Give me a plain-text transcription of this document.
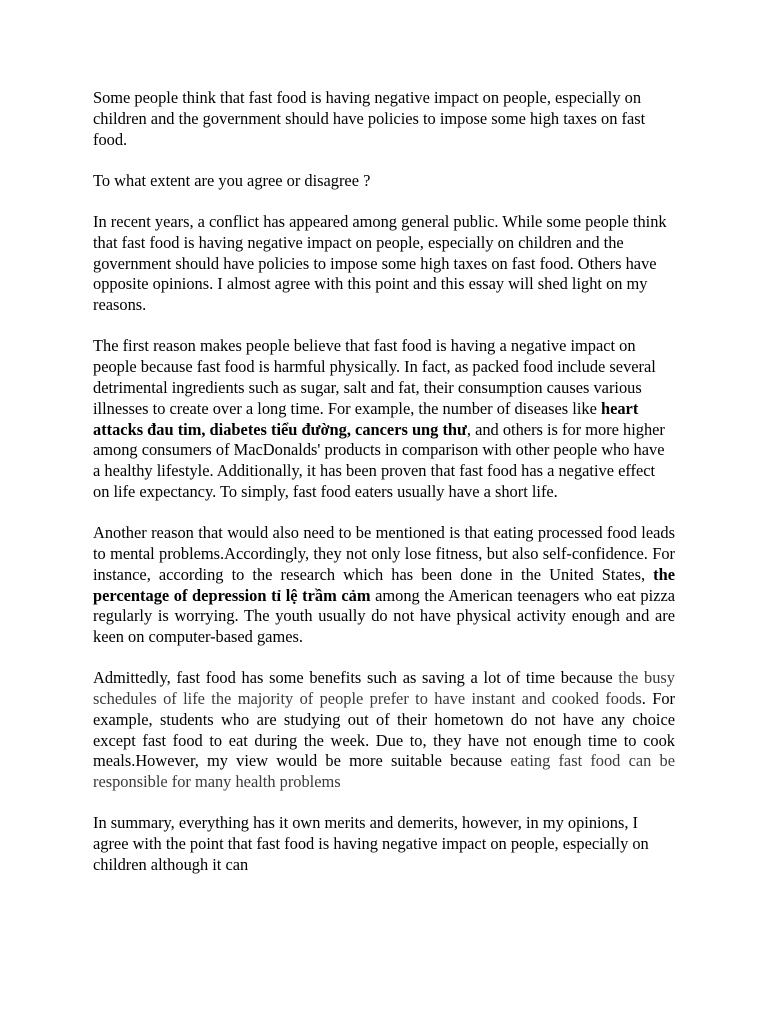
Some people think that fast food is having negative impact on people, especially on children and the government should have policies to impose some high taxes on fast food.

To what extent are you agree or disagree ?

In recent years, a conflict has appeared among general public. While some people think that fast food is having negative impact on people, especially on children and the government should have policies to impose some high taxes on fast food. Others have opposite opinions. I almost agree with this point and this essay will shed light on my reasons.

The first reason makes people believe that fast food is having a negative impact on people because fast food is harmful physically. In fact, as packed food include several detrimental ingredients such as sugar, salt and fat, their consumption causes various illnesses to create over a long time. For example, the number of diseases like heart attacks đau tim, diabetes tiểu đường, cancers ung thư, and others is for more higher among consumers of MacDonalds' products in comparison with other people who have a healthy lifestyle. Additionally, it has been proven that fast food has a negative effect on life expectancy. To simply, fast food eaters usually have a short life.

Another reason that would also need to be mentioned is that eating processed food leads to mental problems.Accordingly, they not only lose fitness, but also self-confidence. For instance, according to the research which has been done in the United States, the percentage of depression tỉ lệ trầm cảm among the American teenagers who eat pizza regularly is worrying. The youth usually do not have physical activity enough and are keen on computer-based games.

Admittedly, fast food has some benefits such as saving a lot of time because the busy schedules of life the majority of people prefer to have instant and cooked foods. For example, students who are studying out of their hometown do not have any choice except fast food to eat during the week. Due to, they have not enough time to cook meals.However, my view would be more suitable because eating fast food can be responsible for many health problems

In summary, everything has it own merits and demerits, however, in my opinions, I agree with the point that fast food is having negative impact on people, especially on children although it can
